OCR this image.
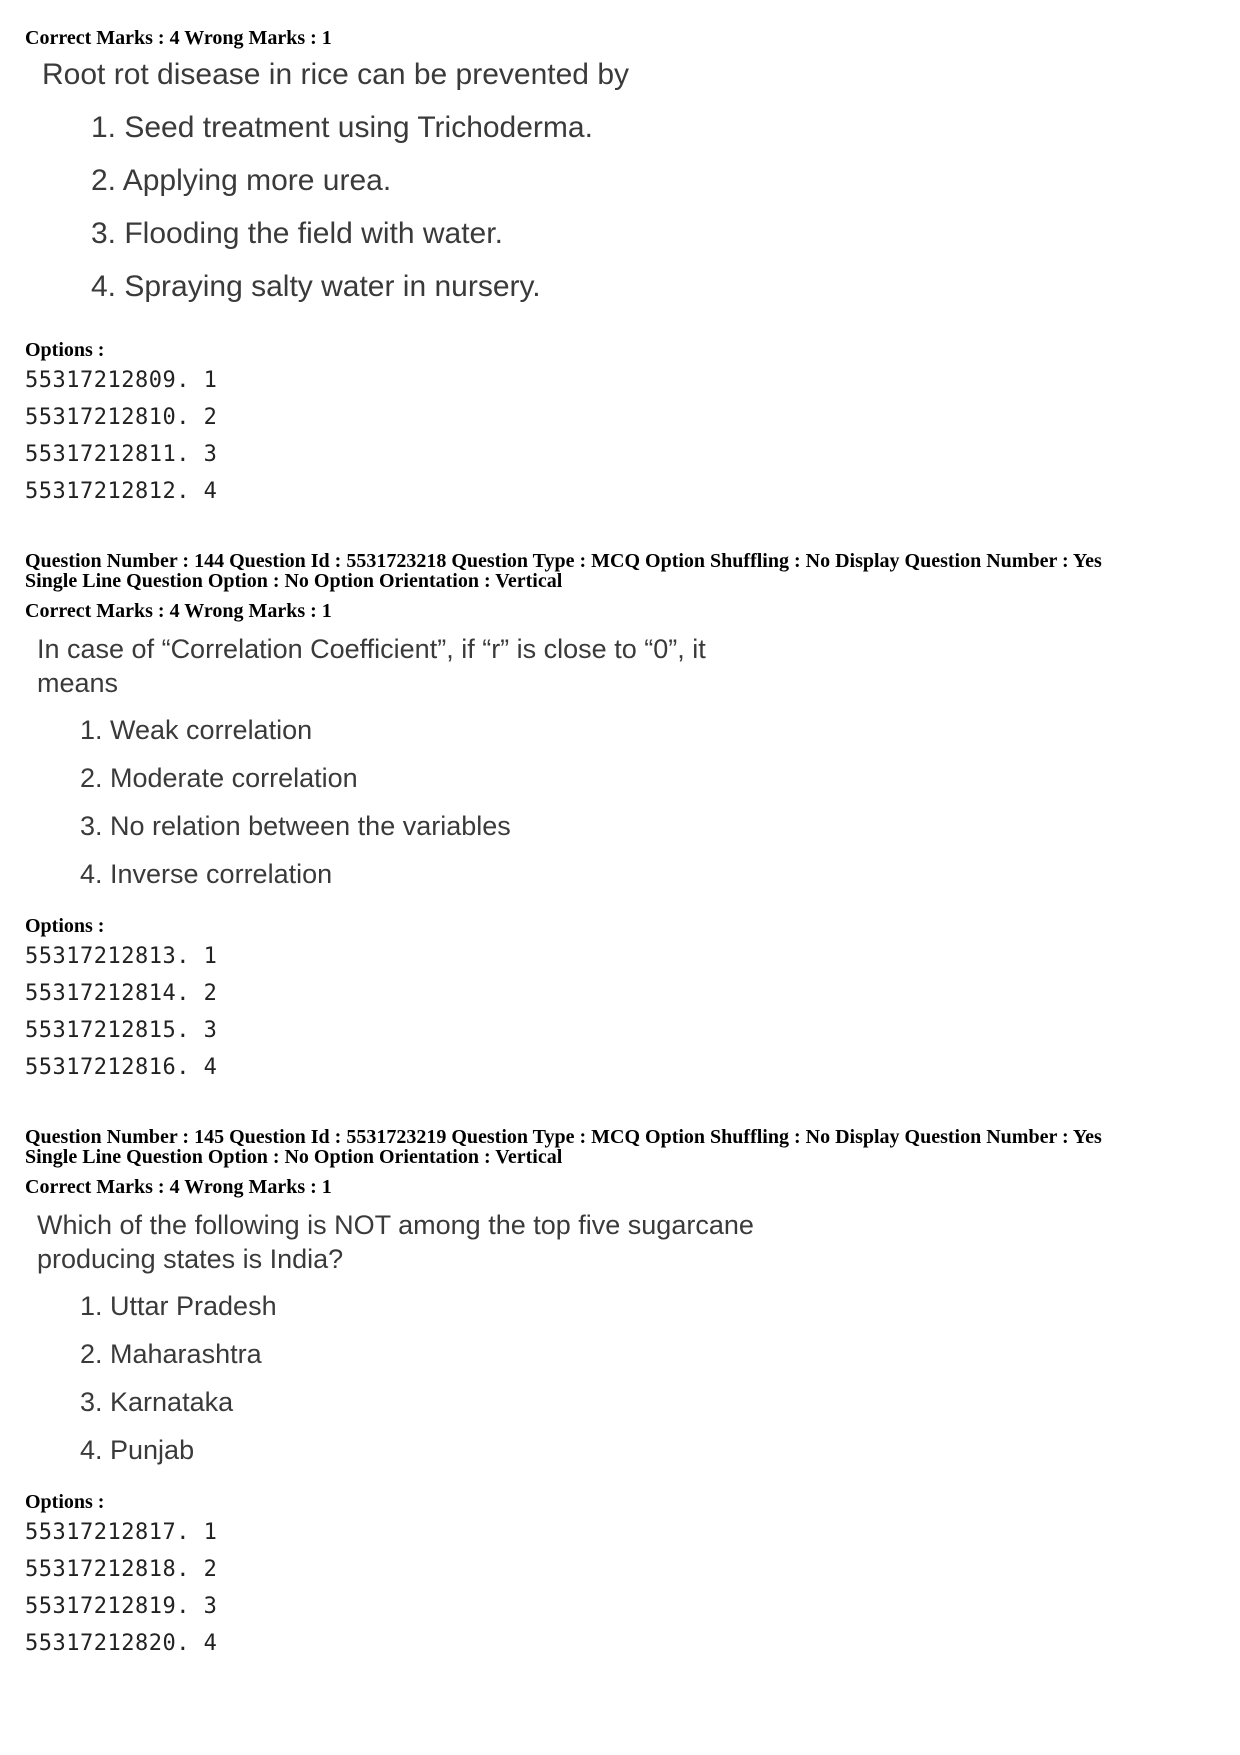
Correct Marks : 4 Wrong Marks : 1
Root rot disease in rice can be prevented by
1. Seed treatment using Trichoderma.
2. Applying more urea.
3. Flooding the field with water.
4. Spraying salty water in nursery.
Options :
55317212809. 1
55317212810. 2
55317212811. 3
55317212812. 4
Question Number : 144 Question Id : 5531723218 Question Type : MCQ Option Shuffling : No Display Question Number : Yes
Single Line Question Option : No Option Orientation : Vertical
Correct Marks : 4 Wrong Marks : 1
In case of “Correlation Coefficient”, if “r” is close to “0”, it
means
1. Weak correlation
2. Moderate correlation
3. No relation between the variables
4. Inverse correlation
Options :
55317212813. 1
55317212814. 2
55317212815. 3
55317212816. 4
Question Number : 145 Question Id : 5531723219 Question Type : MCQ Option Shuffling : No Display Question Number : Yes
Single Line Question Option : No Option Orientation : Vertical
Correct Marks : 4 Wrong Marks : 1
Which of the following is NOT among the top five sugarcane
producing states is India?
1. Uttar Pradesh
2. Maharashtra
3. Karnataka
4. Punjab
Options :
55317212817. 1
55317212818. 2
55317212819. 3
55317212820. 4
